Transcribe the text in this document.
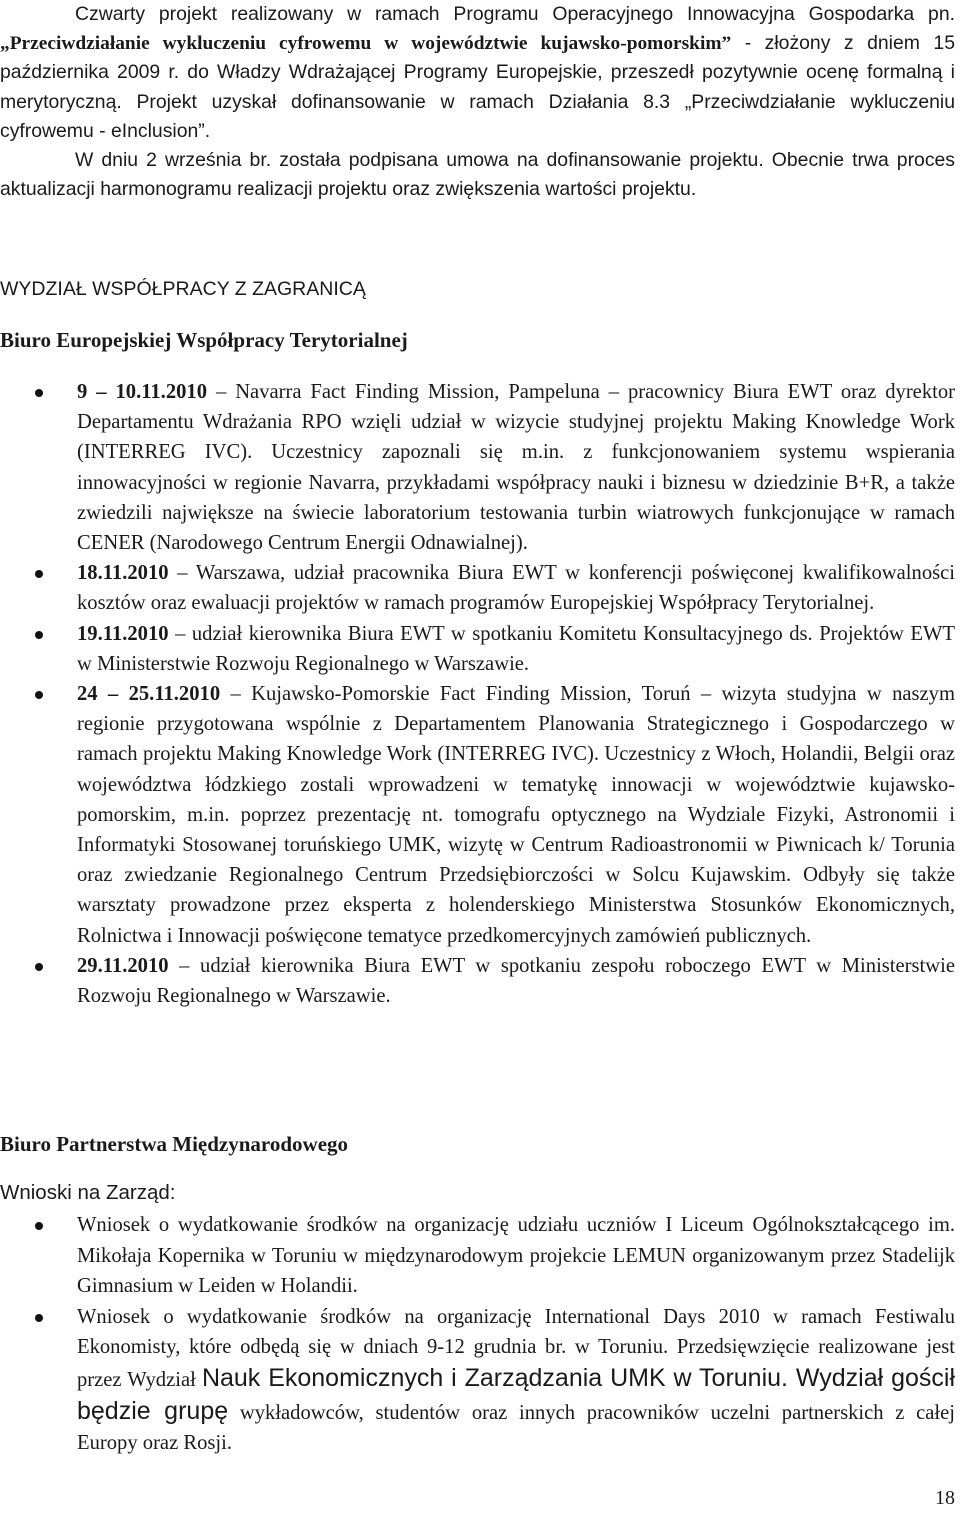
Czwarty projekt realizowany w ramach Programu Operacyjnego Innowacyjna Gospodarka pn. „Przeciwdziałanie wykluczeniu cyfrowemu w województwie kujawsko-pomorskim” - złożony z dniem 15 października 2009 r. do Władzy Wdrażającej Programy Europejskie, przeszedł pozytywnie ocenę formalną i merytoryczną. Projekt uzyskał dofinansowanie w ramach Działania 8.3 „Przeciwdziałanie wykluczeniu cyfrowemu - eInclusion”.

W dniu 2 września br. została podpisana umowa na dofinansowanie projektu. Obecnie trwa proces aktualizacji harmonogramu realizacji projektu oraz zwiększenia wartości projektu.

WYDZIAŁ WSPÓŁPRACY Z ZAGRANICĄ
Biuro Europejskiej Współpracy Terytorialnej
9 – 10.11.2010 – Navarra Fact Finding Mission, Pampeluna – pracownicy Biura EWT oraz dyrektor Departamentu Wdrażania RPO wzięli udział w wizycie studyjnej projektu Making Knowledge Work (INTERREG IVC). Uczestnicy zapoznali się m.in. z funkcjonowaniem systemu wspierania innowacyjności w regionie Navarra, przykładami współpracy nauki i biznesu w dziedzinie B+R, a także zwiedzili największe na świecie laboratorium testowania turbin wiatrowych funkcjonujące w ramach CENER (Narodowego Centrum Energii Odnawialnej).
18.11.2010 – Warszawa, udział pracownika Biura EWT w konferencji poświęconej kwalifikowalności kosztów oraz ewaluacji projektów w ramach programów Europejskiej Współpracy Terytorialnej.
19.11.2010 – udział kierownika Biura EWT w spotkaniu Komitetu Konsultacyjnego ds. Projektów EWT w Ministerstwie Rozwoju Regionalnego w Warszawie.
24 – 25.11.2010 – Kujawsko-Pomorskie Fact Finding Mission, Toruń – wizyta studyjna w naszym regionie przygotowana wspólnie z Departamentem Planowania Strategicznego i Gospodarczego w ramach projektu Making Knowledge Work (INTERREG IVC). Uczestnicy z Włoch, Holandii, Belgii oraz województwa łódzkiego zostali wprowadzeni w tematykę innowacji w województwie kujawsko-pomorskim, m.in. poprzez prezentację nt. tomografu optycznego na Wydziale Fizyki, Astronomii i Informatyki Stosowanej toruńskiego UMK, wizytę w Centrum Radioastronomii w Piwnicach k/ Torunia oraz zwiedzanie Regionalnego Centrum Przedsiębiorczości w Solcu Kujawskim. Odbyły się także warsztaty prowadzone przez eksperta z holenderskiego Ministerstwa Stosunków Ekonomicznych, Rolnictwa i Innowacji poświęcone tematyce przedkomercyjnych zamówień publicznych.
29.11.2010 – udział kierownika Biura EWT w spotkaniu zespołu roboczego EWT w Ministerstwie Rozwoju Regionalnego w Warszawie.
Biuro Partnerstwa Międzynarodowego

Wnioski na Zarząd:

Wniosek o wydatkowanie środków na organizację udziału uczniów I Liceum Ogólnokształcącego im. Mikołaja Kopernika w Toruniu w międzynarodowym projekcie LEMUN organizowanym przez Stadelijk Gimnasium w Leiden w Holandii.
Wniosek o wydatkowanie środków na organizację International Days 2010 w ramach Festiwalu Ekonomisty, które odbędą się w dniach 9-12 grudnia br. w Toruniu. Przedsięwzięcie realizowane jest przez Wydział Nauk Ekonomicznych i Zarządzania UMK w Toruniu. Wydział gościł będzie grupę wykładowców, studentów oraz innych pracowników uczelni partnerskich z całej Europy oraz Rosji.
18
